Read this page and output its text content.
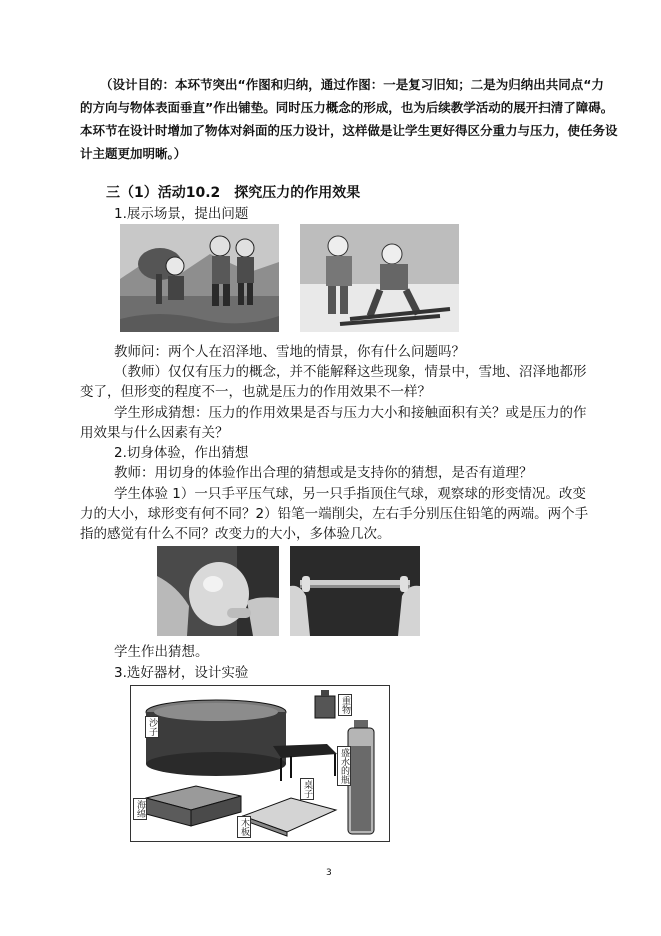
（设计目的：本环节突出“作图和归纳，通过作图：一是复习旧知；二是为归纳出共同点“力
的方向与物体表面垂直”作出铺垫。同时压力概念的形成，也为后续教学活动的展开扫清了障碍。
本环节在设计时增加了物体对斜面的压力设计，这样做是让学生更好得区分重力与压力，使任务设
计主题更加明晰。）
三（1）活动10.2　探究压力的作用效果
1.展示场景，提出问题
教师问：两个人在沼泽地、雪地的情景，你有什么问题吗？
（教师）仅仅有压力的概念，并不能解释这些现象，情景中，雪地、沼泽地都形
变了，但形变的程度不一，也就是压力的作用效果不一样？
学生形成猜想：压力的作用效果是否与压力大小和接触面积有关？或是压力的作
用效果与什么因素有关？
2.切身体验，作出猜想
教师：用切身的体验作出合理的猜想或是支持你的猜想，是否有道理？
学生体验 1）一只手平压气球，另一只手指顶住气球，观察球的形变情况。改变
力的大小，球形变有何不同？2）铅笔一端削尖，左右手分别压住铅笔的两端。两个手
指的感觉有什么不同？改变力的大小，多体验几次。
学生作出猜想。
3.选好器材，设计实验
沙子
海绵
桌子
木板
重物
盛水的瓶
3
